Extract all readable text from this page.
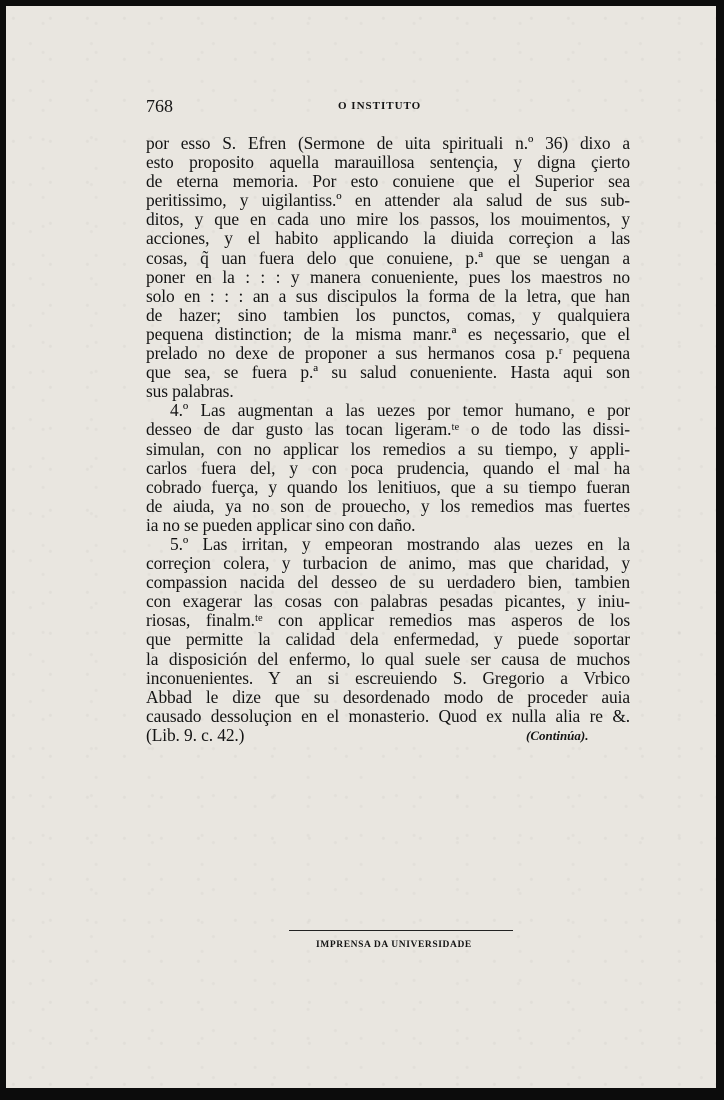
768	O INSTITUTO
por esso S. Efren (Sermone de uita spirituali n.º 36) dixo a
esto proposito aquella marauillosa sentençia, y digna çierto
de eterna memoria. Por esto conuiene que el Superior sea
peritissimo, y uigilantiss.º en attender ala salud de sus sub-
ditos, y que en cada uno mire los passos, los mouimentos, y
acciones, y el habito applicando la diuida correçion a las
cosas, q̃ uan fuera delo que conuiene, p.ª que se uengan a
poner en la : : : y manera conueniente, pues los maestros no
solo en : : : an a sus discipulos la forma de la letra, que han
de hazer; sino tambien los punctos, comas, y qualquiera
pequena distinction; de la misma manr.ª es neçessario, que el
prelado no dexe de proponer a sus hermanos cosa p.ʳ pequena
que sea, se fuera p.ª su salud conueniente. Hasta aqui son
sus palabras.
4.º Las augmentan a las uezes por temor humano, e por
desseo de dar gusto las tocan ligeram.ᵗᵉ o de todo las dissi-
simulan, con no applicar los remedios a su tiempo, y appli-
carlos fuera del, y con poca prudencia, quando el mal ha
cobrado fuerça, y quando los lenitiuos, que a su tiempo fueran
de aiuda, ya no son de prouecho, y los remedios mas fuertes
ia no se pueden applicar sino con daño.
5.º Las irritan, y empeoran mostrando alas uezes en la
correçion colera, y turbacion de animo, mas que charidad, y
compassion nacida del desseo de su uerdadero bien, tambien
con exagerar las cosas con palabras pesadas picantes, y iniu-
riosas, finalm.ᵗᵉ con applicar remedios mas asperos de los
que permitte la calidad dela enfermedad, y puede soportar
la disposición del enfermo, lo qual suele ser causa de muchos
inconuenientes. Y an si escreuiendo S. Gregorio a Vrbico
Abbad le dize que su desordenado modo de proceder auia
causado dessoluçion en el monasterio. Quod ex nulla alia re &.
(Lib. 9. c. 42.)	(Continúa).
IMPRENSA DA UNIVERSIDADE
